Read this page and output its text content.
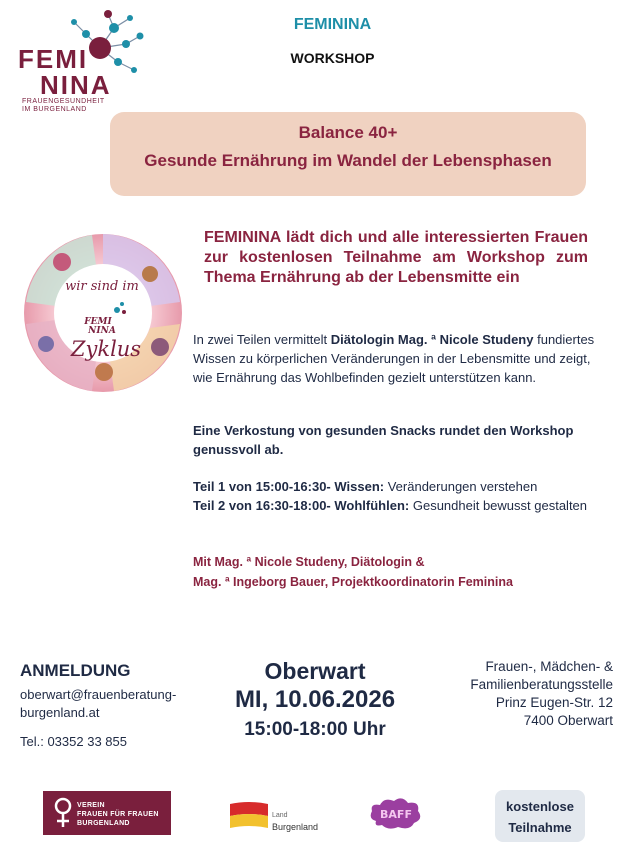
FEMI
NINA
FRAUENGESUNDHEIT
IM BURGENLAND
FEMININA
WORKSHOP
Balance 40+
Gesunde Ernährung im Wandel der Lebensphasen
wir sind im
FEMI
NINA
Zyklus
FEMININA lädt dich und alle interessierten Frauen zur kostenlosen Teilnahme am Workshop zum Thema Ernährung ab der Lebensmitte ein
In zwei Teilen vermittelt Diätologin Mag. ª Nicole Studeny fundiertes Wissen zu körperlichen Veränderungen in der Lebensmitte und zeigt, wie Ernährung das Wohlbefinden gezielt unterstützen kann.
Eine Verkostung von gesunden Snacks rundet den Workshop genussvoll ab.
Teil 1 von 15:00-16:30- Wissen: Veränderungen verstehen
Teil 2 von 16:30-18:00- Wohlfühlen: Gesundheit bewusst gestalten
Mit Mag. ª Nicole Studeny, Diätologin &
Mag. ª Ingeborg Bauer, Projektkoordinatorin Feminina
ANMELDUNG
oberwart@frauenberatung-
burgenland.at
Tel.: 03352 33 855
Oberwart
MI, 10.06.2026
15:00-18:00 Uhr
Frauen-, Mädchen- &
Familienberatungsstelle
Prinz Eugen-Str. 12
7400 Oberwart
VEREIN
FRAUEN FÜR FRAUEN
BURGENLAND
Land
Burgenland
BAFF
kostenlose
Teilnahme
